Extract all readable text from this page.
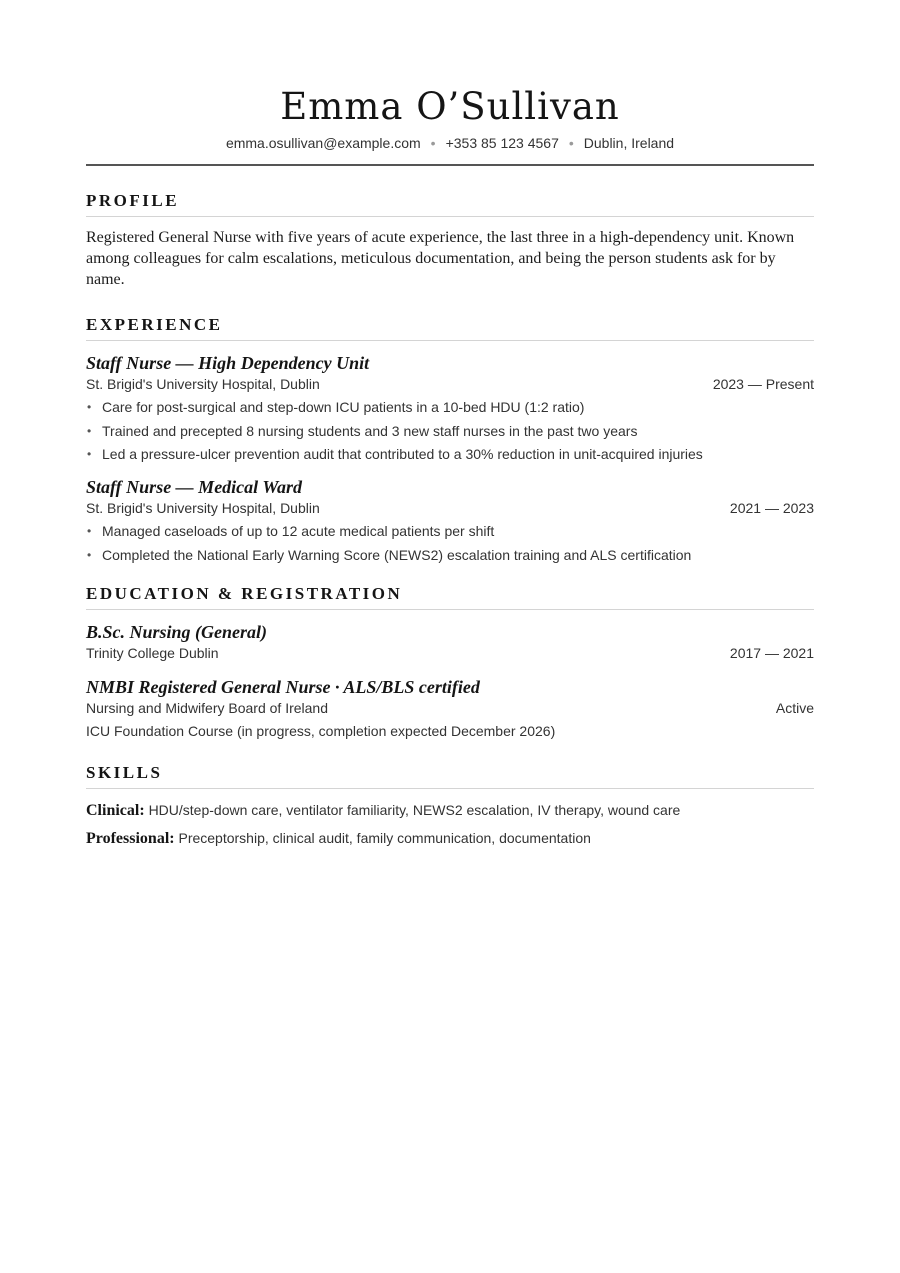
Emma O’Sullivan
emma.osullivan@example.com • +353 85 123 4567 • Dublin, Ireland
PROFILE
Registered General Nurse with five years of acute experience, the last three in a high-dependency unit. Known among colleagues for calm escalations, meticulous documentation, and being the person students ask for by name.
EXPERIENCE
Staff Nurse — High Dependency Unit
St. Brigid's University Hospital, Dublin	2023 — Present
• Care for post-surgical and step-down ICU patients in a 10-bed HDU (1:2 ratio)
• Trained and precepted 8 nursing students and 3 new staff nurses in the past two years
• Led a pressure-ulcer prevention audit that contributed to a 30% reduction in unit-acquired injuries
Staff Nurse — Medical Ward
St. Brigid's University Hospital, Dublin	2021 — 2023
• Managed caseloads of up to 12 acute medical patients per shift
• Completed the National Early Warning Score (NEWS2) escalation training and ALS certification
EDUCATION & REGISTRATION
B.Sc. Nursing (General)
Trinity College Dublin	2017 — 2021
NMBI Registered General Nurse · ALS/BLS certified
Nursing and Midwifery Board of Ireland	Active
ICU Foundation Course (in progress, completion expected December 2026)
SKILLS
Clinical: HDU/step-down care, ventilator familiarity, NEWS2 escalation, IV therapy, wound care
Professional: Preceptorship, clinical audit, family communication, documentation
